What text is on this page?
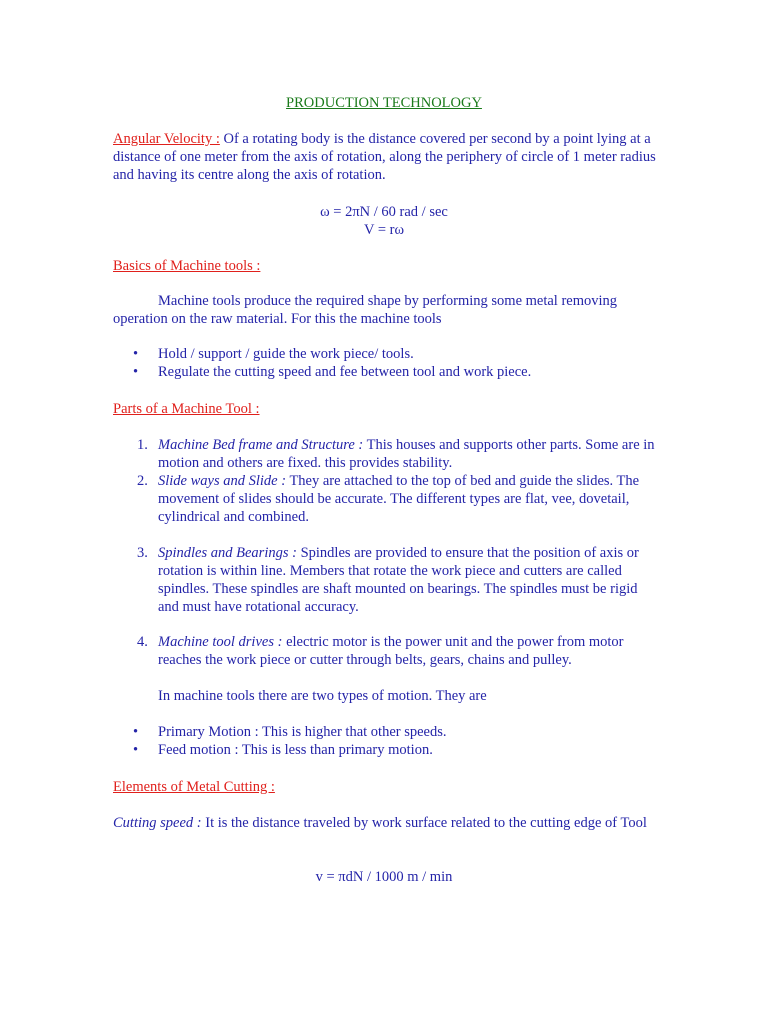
PRODUCTION TECHNOLOGY
Angular Velocity : Of a rotating body is the distance covered per second by a point lying at a distance of one meter from the axis of rotation, along the periphery of circle of 1 meter radius and having its centre along the axis of rotation.
ω = 2πN / 60 rad / sec
V = rω
Basics of Machine tools :
Machine tools produce the required shape by performing some metal removing operation on the raw material. For this the machine tools
• Hold / support / guide the work piece/ tools.
• Regulate the cutting speed and fee between tool and work piece.
Parts of a Machine Tool :
1. Machine Bed frame and Structure : This houses and supports other parts. Some are in motion and others are fixed. this provides stability.
2. Slide ways and Slide : They are attached to the top of bed and guide the slides. The movement of slides should be accurate. The different types are flat, vee, dovetail, cylindrical and combined.
3. Spindles and Bearings : Spindles are provided to ensure that the position of axis or rotation is within line. Members that rotate the work piece and cutters are called spindles. These spindles are shaft mounted on bearings. The spindles must be rigid and must have rotational accuracy.
4. Machine tool drives : electric motor is the power unit and the power from motor reaches the work piece or cutter through belts, gears, chains and pulley.
In machine tools there are two types of motion. They are
• Primary Motion : This is higher that other speeds.
• Feed motion : This is less than primary motion.
Elements of Metal Cutting :
Cutting speed : It is the distance traveled by work surface related to the cutting edge of Tool
v = πdN / 1000 m / min
